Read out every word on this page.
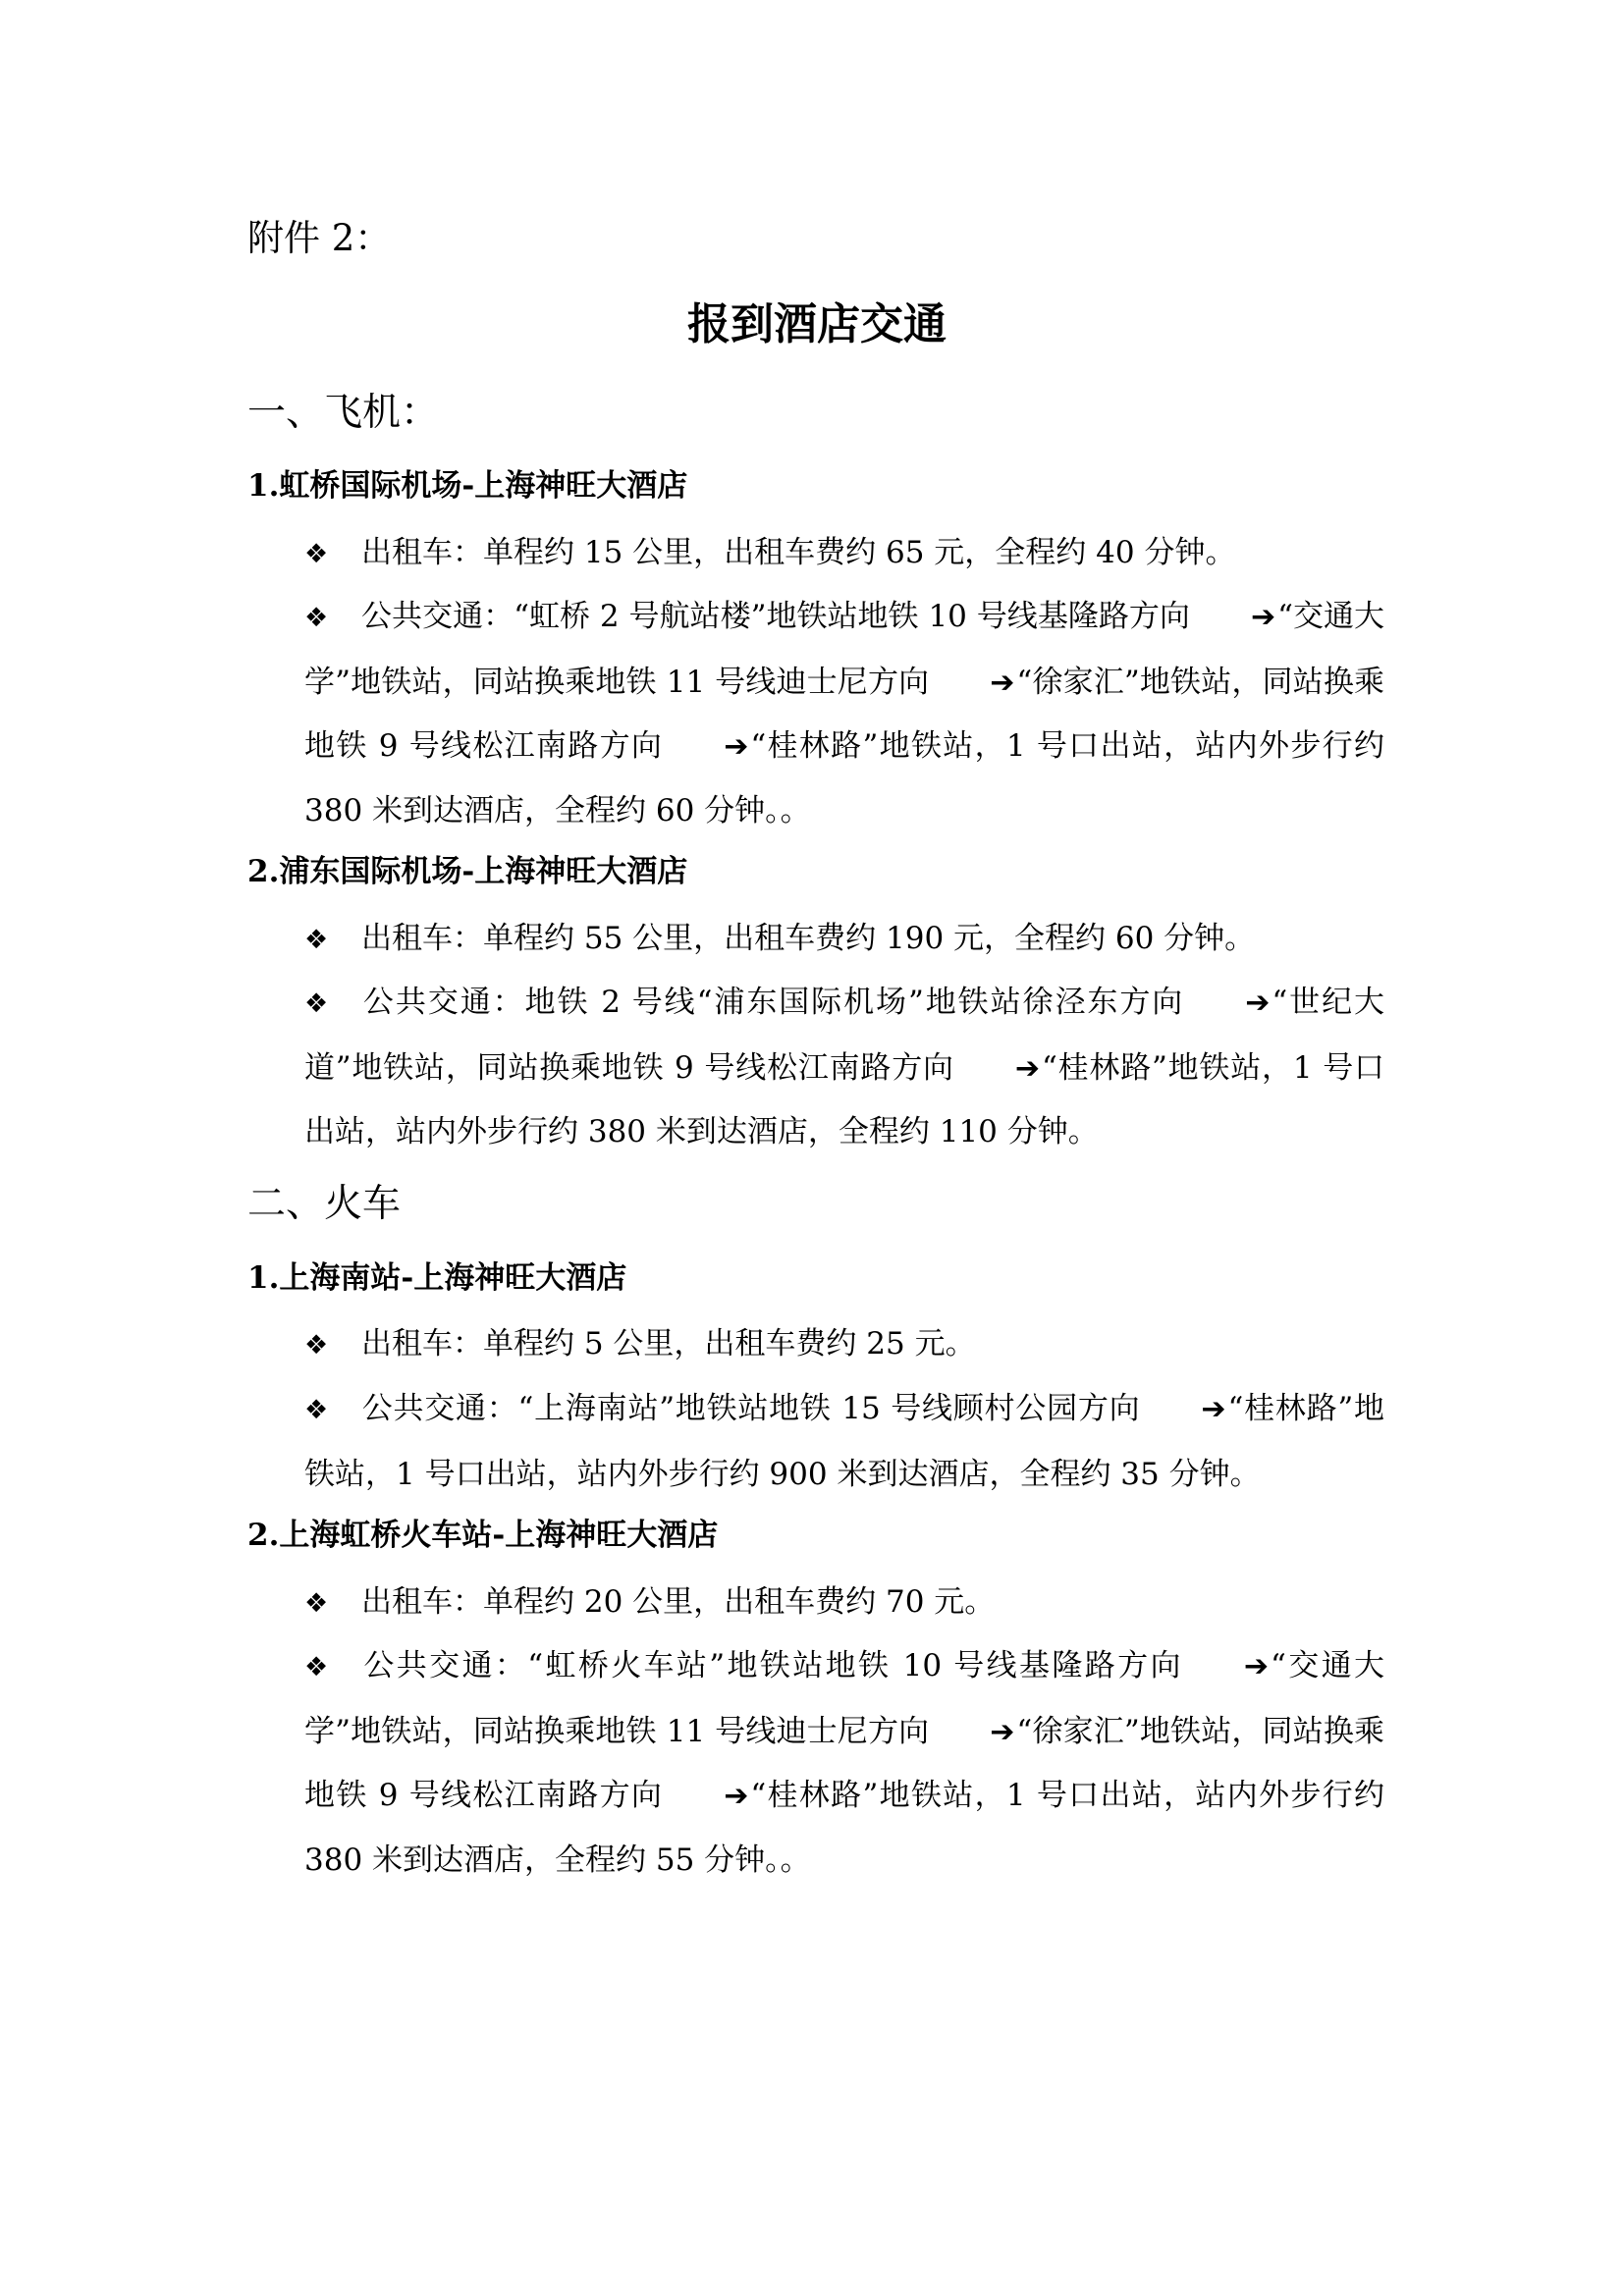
附件 2：
报到酒店交通
一、飞机：
1.虹桥国际机场-上海神旺大酒店
❖ 出租车：单程约 15 公里，出租车费约 65 元，全程约 40 分钟。
❖ 公共交通：“虹桥 2 号航站楼”地铁站地铁 10 号线基隆路方向 ➔“交通大学”地铁站，同站换乘地铁 11 号线迪士尼方向 ➔“徐家汇”地铁站，同站换乘地铁 9 号线松江南路方向 ➔“桂林路”地铁站，1 号口出站，站内外步行约 380 米到达酒店，全程约 60 分钟。。
2.浦东国际机场-上海神旺大酒店
❖ 出租车：单程约 55 公里，出租车费约 190 元，全程约 60 分钟。
❖ 公共交通：地铁 2 号线“浦东国际机场”地铁站徐泾东方向 ➔“世纪大道”地铁站，同站换乘地铁 9 号线松江南路方向 ➔“桂林路”地铁站，1 号口出站，站内外步行约 380 米到达酒店，全程约 110 分钟。
二、火车
1.上海南站-上海神旺大酒店
❖ 出租车：单程约 5 公里，出租车费约 25 元。
❖ 公共交通：“上海南站”地铁站地铁 15 号线顾村公园方向 ➔“桂林路”地铁站，1 号口出站，站内外步行约 900 米到达酒店，全程约 35 分钟。
2.上海虹桥火车站-上海神旺大酒店
❖ 出租车：单程约 20 公里，出租车费约 70 元。
❖ 公共交通：“虹桥火车站”地铁站地铁 10 号线基隆路方向 ➔“交通大学”地铁站，同站换乘地铁 11 号线迪士尼方向 ➔“徐家汇”地铁站，同站换乘地铁 9 号线松江南路方向 ➔“桂林路”地铁站，1 号口出站，站内外步行约 380 米到达酒店，全程约 55 分钟。。
